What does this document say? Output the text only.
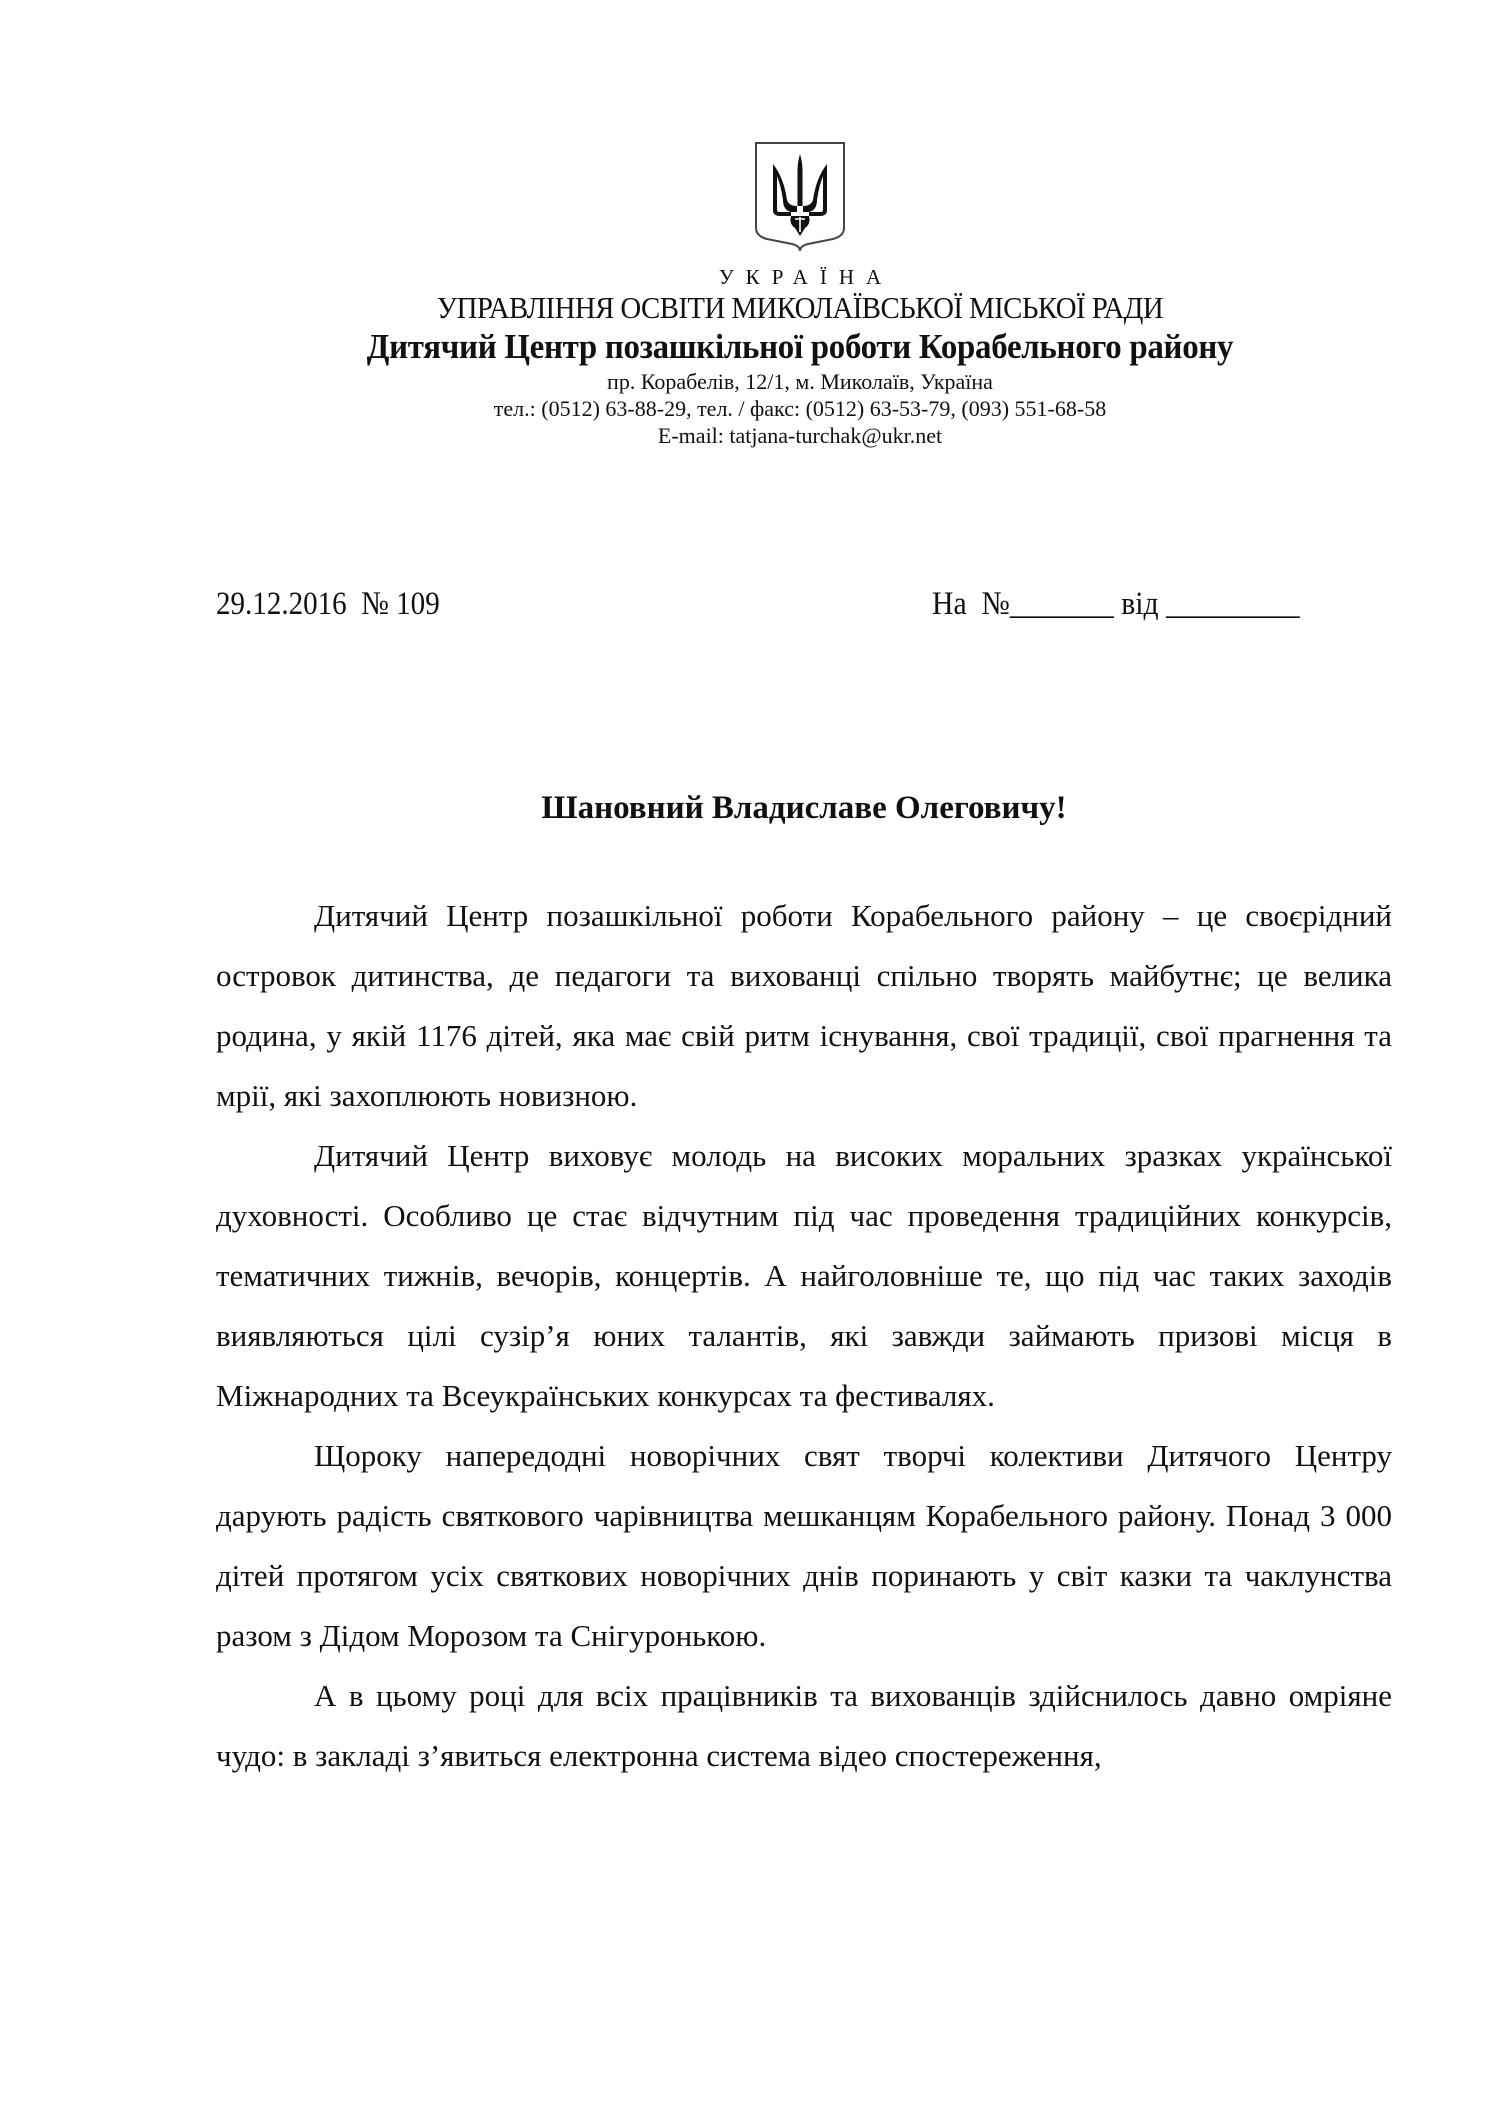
УКРАЇНА
УПРАВЛІННЯ ОСВІТИ МИКОЛАЇВСЬКОЇ МІСЬКОЇ РАДИ
Дитячий Центр позашкільної роботи Корабельного району
пр. Корабелів, 12/1, м. Миколаїв, Україна
тел.: (0512) 63-88-29, тел. / факс: (0512) 63-53-79, (093) 551-68-58
E-mail: tatjana-turchak@ukr.net
29.12.2016  № 109	На  №_______ від _________
Шановний Владиславе Олеговичу!

Дитячий Центр позашкільної роботи Корабельного району – це своєрідний островок дитинства, де педагоги та вихованці спільно творять майбутнє; це велика родина, у якій 1176 дітей, яка має свій ритм існування, свої традиції, свої прагнення та мрії, які захоплюють новизною.

Дитячий Центр виховує молодь на високих моральних зразках української духовності. Особливо це стає відчутним під час проведення традиційних конкурсів, тематичних тижнів, вечорів, концертів. А найголовніше те, що під час таких заходів виявляються цілі сузір’я юних талантів, які завжди займають призові місця в Міжнародних та Всеукраїнських конкурсах та фестивалях.

Щороку напередодні новорічних свят творчі колективи Дитячого Центру дарують радість святкового чарівництва мешканцям Корабельного району. Понад 3 000 дітей протягом усіх святкових новорічних днів поринають у світ казки та чаклунства разом з Дідом Морозом та Снігуронькою.

А в цьому році для всіх працівників та вихованців здійснилось давно омріяне чудо: в закладі з’явиться електронна система відео спостереження,
